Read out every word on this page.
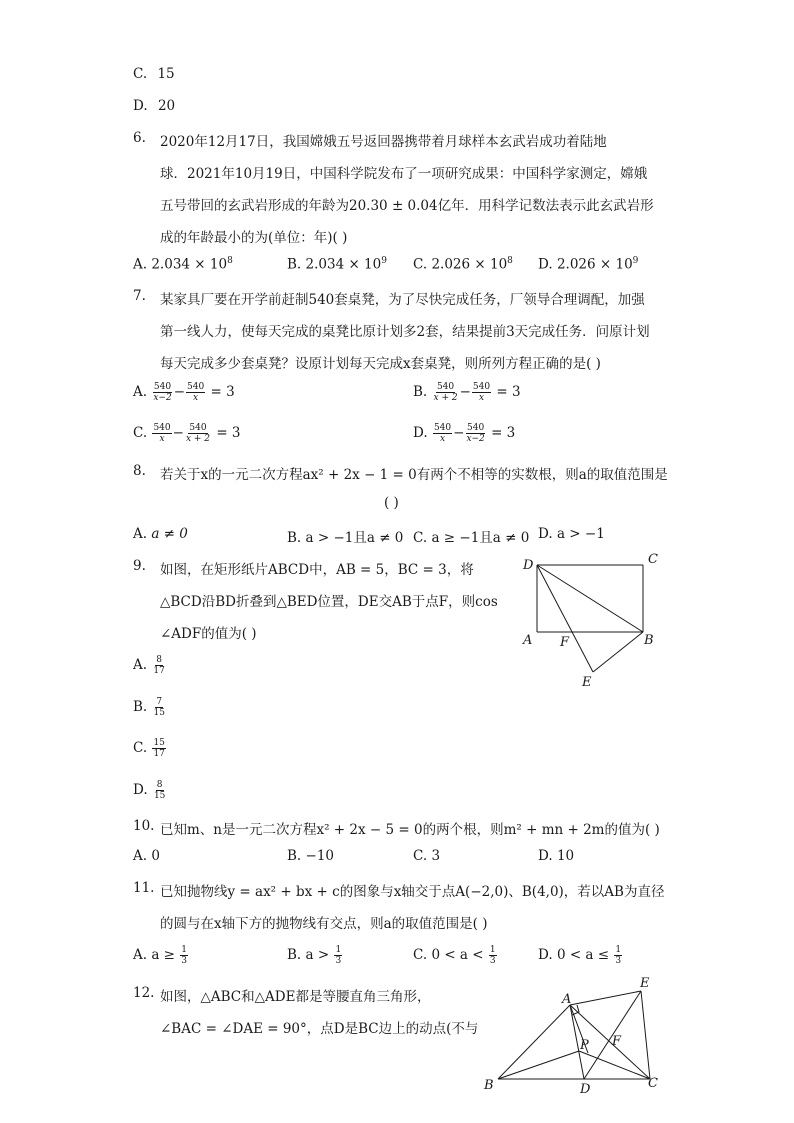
C. 15
D. 20
6. 2020年12月17日，我国嫦娥五号返回器携带着月球样本玄武岩成功着陆地
球．2021年10月19日，中国科学院发布了一项研究成果：中国科学家测定，嫦娥
五号带回的玄武岩形成的年龄为20.30 ± 0.04亿年．用科学记数法表示此玄武岩形
成的年龄最小的为(单位：年)( )
A. $2.034 \times 10^8$	B. $2.034 \times 10^9$ C. $2.026 \times 10^8$ D. $2.026 \times 10^9$
7. 某家具厂要在开学前赶制540套桌凳，为了尽快完成任务，厂领导合理调配，加强
第一线人力，使每天完成的桌凳比原计划多2套，结果提前3天完成任务．问原计划
每天完成多少套桌凳？设原计划每天完成x套桌凳，则所列方程正确的是( )
A. $\frac{540}{x-2} - \frac{540}{x} = 3$	B. $\frac{540}{x + 2} - \frac{540}{x} = 3$
C. $\frac{540}{x} - \frac{540}{x + 2} = 3$	D. $\frac{540}{x} - \frac{540}{x-2} = 3$
8. 若关于x的一元二次方程ax² + 2x − 1 = 0有两个不相等的实数根，则a的取值范围是
( )
A. a ≠ 0	B. a > −1且a ≠ 0 C. a ≥ −1且a ≠ 0 D. a > −1
9. 如图，在矩形纸片ABCD中，AB = 5，BC = 3，将
△BCD沿BD折叠到△BED位置，DE交AB于点F，则cos
∠ADF的值为( )
A. $\frac{8}{17}$
B. $\frac{7}{15}$
C. $\frac{15}{17}$
D. $\frac{8}{15}$
D	C
A F	B
E
10. 已知m、n是一元二次方程x² + 2x − 5 = 0的两个根，则m² + mn + 2m的值为( )
A. 0	B. −10	C. 3	D. 10
11. 已知抛物线y = ax² + bx + c的图象与x轴交于点A(−2,0)、B(4,0)，若以AB为直径
的圆与在x轴下方的抛物线有交点，则a的取值范围是( )
A. $a \ge \frac{1}{3}$	B. $a > \frac{1}{3}$	C. $0 < a < \frac{1}{3}$	D. $0 < a \le \frac{1}{3}$
12. 如图，△ABC和△ADE都是等腰直角三角形，
∠BAC = ∠DAE = 90°，点D是BC边上的动点(不与
A
E
P F
B	D	C
